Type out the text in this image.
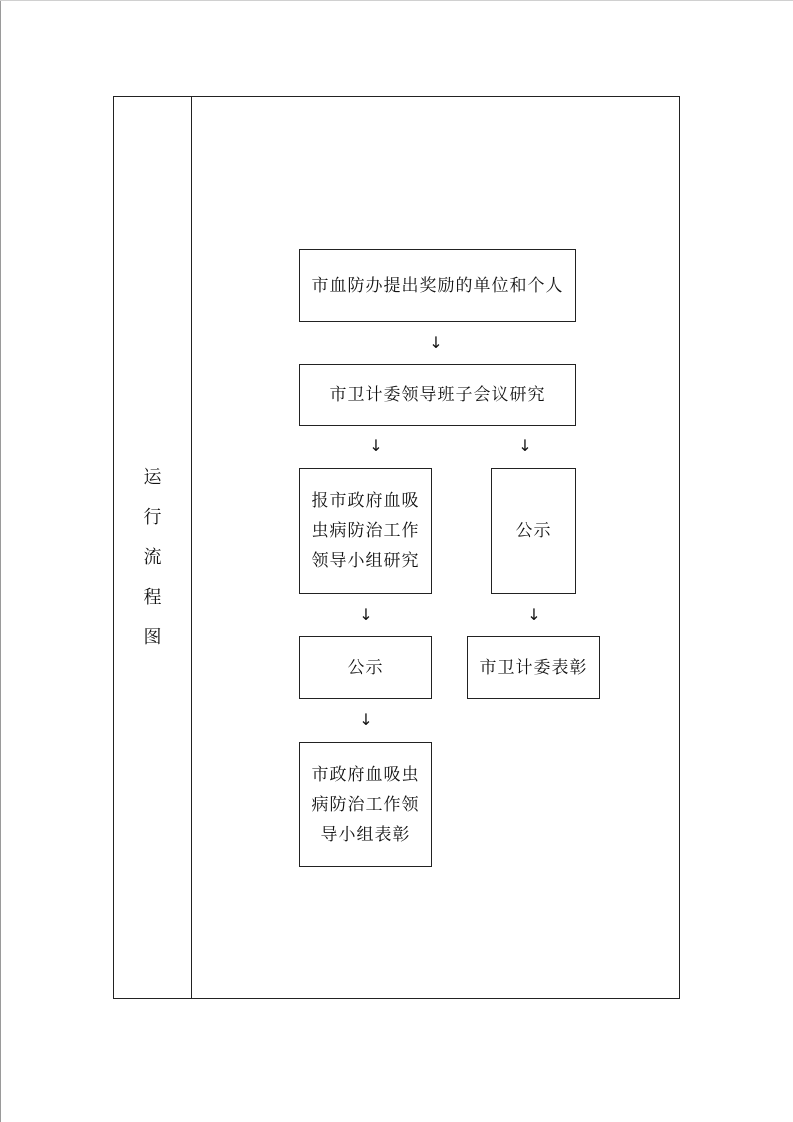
运
行
流
程
图
市血防办提出奖励的单位和个人
↓
市卫计委领导班子会议研究
↓	↓
报市政府血吸
虫病防治工作
领导小组研究
公示
↓	↓
公示	市卫计委表彰
↓
市政府血吸虫
病防治工作领
导小组表彰
